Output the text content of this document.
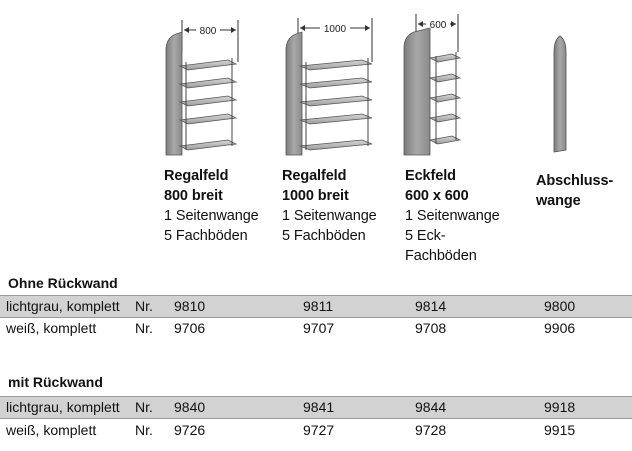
800	1000	600
Regalfeld
800 breit
1 Seitenwange
5 Fachböden
Regalfeld
1000 breit
1 Seitenwange
5 Fachböden
Eckfeld
600 x 600
1 Seitenwange
5 Eck-
Fachböden
Abschluss-
wange
Ohne Rückwand
lichtgrau, komplett Nr. 9810	9811	9814	9800
weiß, komplett	Nr. 9706	9707	9708	9906
mit Rückwand
lichtgrau, komplett Nr. 9840	9841	9844	9918
weiß, komplett	Nr. 9726	9727	9728	9915
